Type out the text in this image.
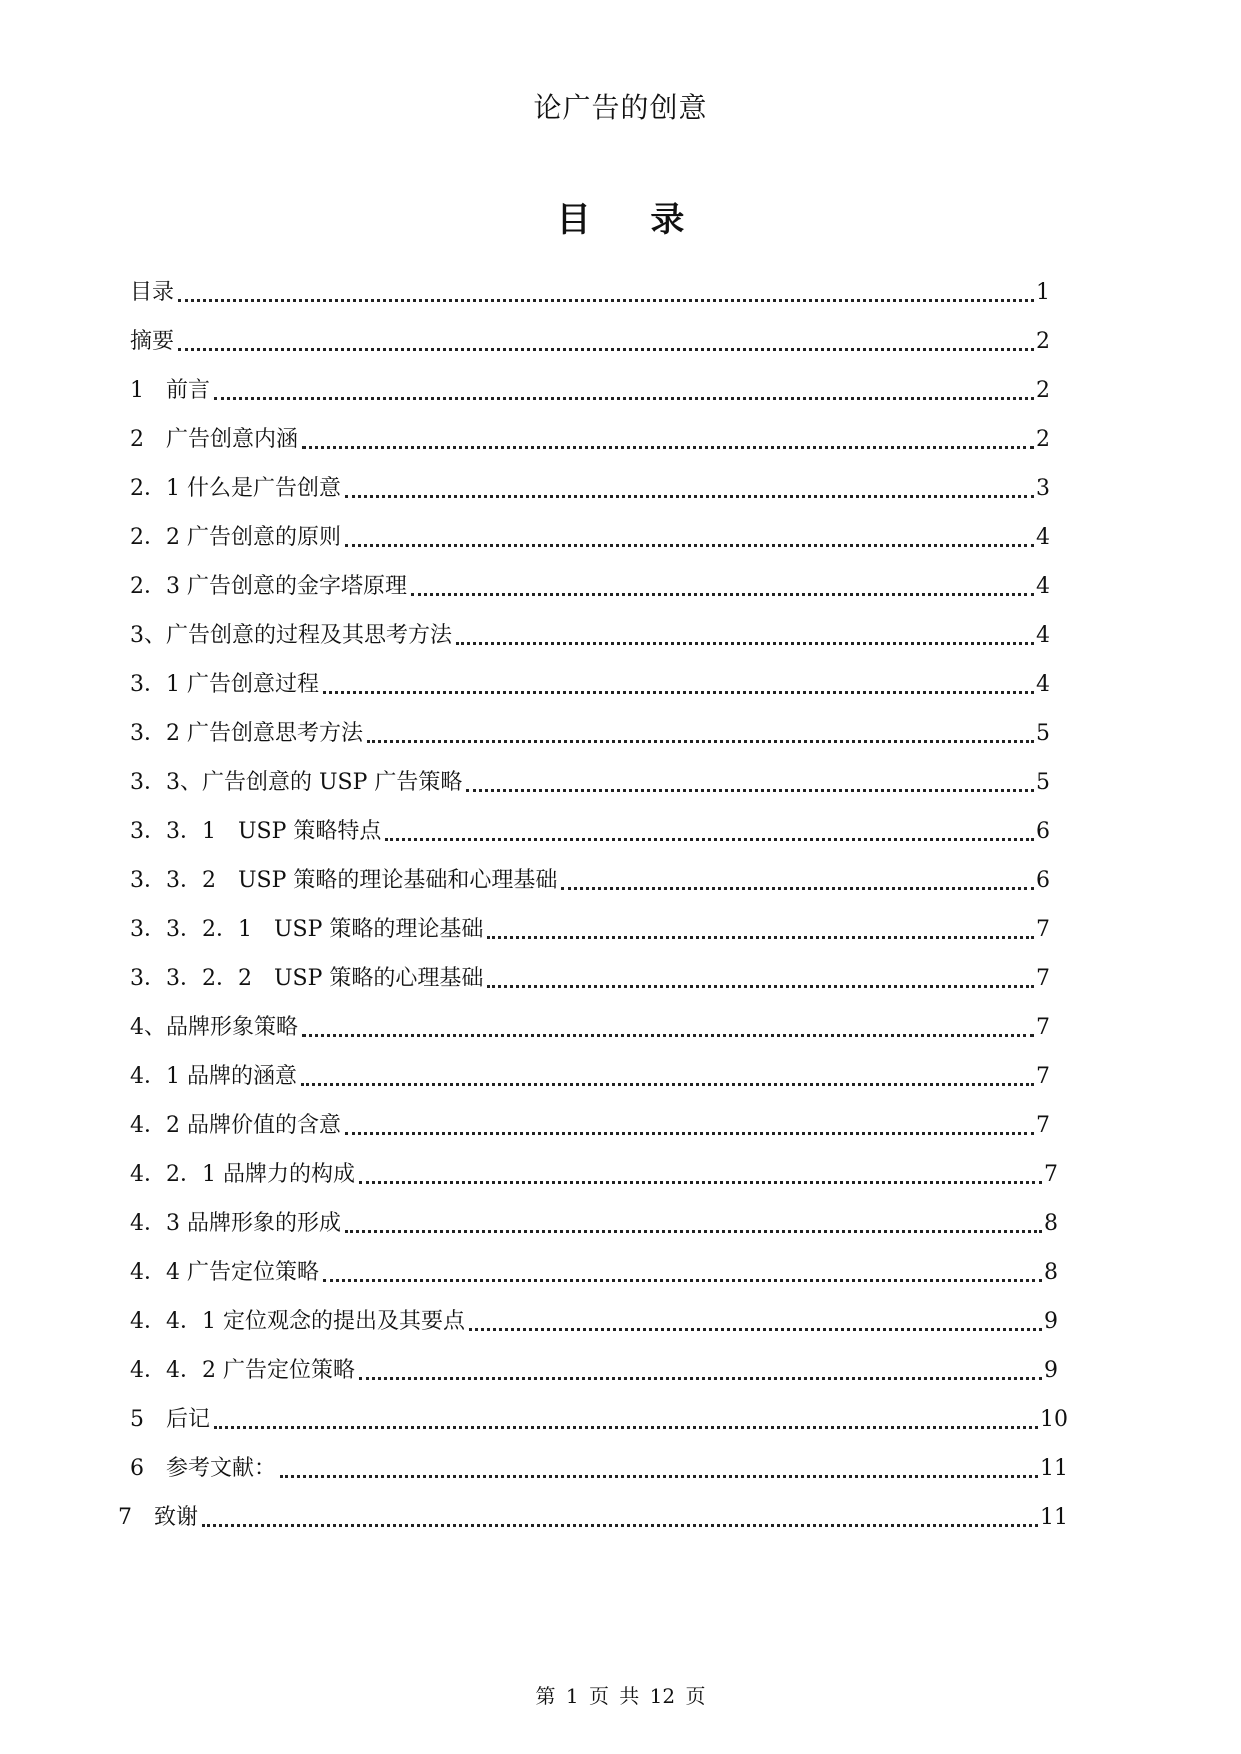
论广告的创意
目 录
目录	1
摘要	2
1　前言	2
2　广告创意内涵	2
2．1 什么是广告创意	3
2．2 广告创意的原则	4
2．3 广告创意的金字塔原理	4
3、广告创意的过程及其思考方法	4
3．1 广告创意过程	4
3．2 广告创意思考方法	5
3．3、广告创意的 USP 广告策略	5
3．3．1　USP 策略特点	6
3．3．2　USP 策略的理论基础和心理基础	6
3．3．2．1　USP 策略的理论基础	7
3．3．2．2　USP 策略的心理基础	7
4、品牌形象策略	7
4．1 品牌的涵意	7
4．2 品牌价值的含意	7
4．2．1 品牌力的构成	7
4．3 品牌形象的形成	8
4．4 广告定位策略	8
4．4．1 定位观念的提出及其要点	9
4．4．2 广告定位策略	9
5　后记	10
6　参考文献：	11
7　致谢	11
第 1 页 共 12 页
